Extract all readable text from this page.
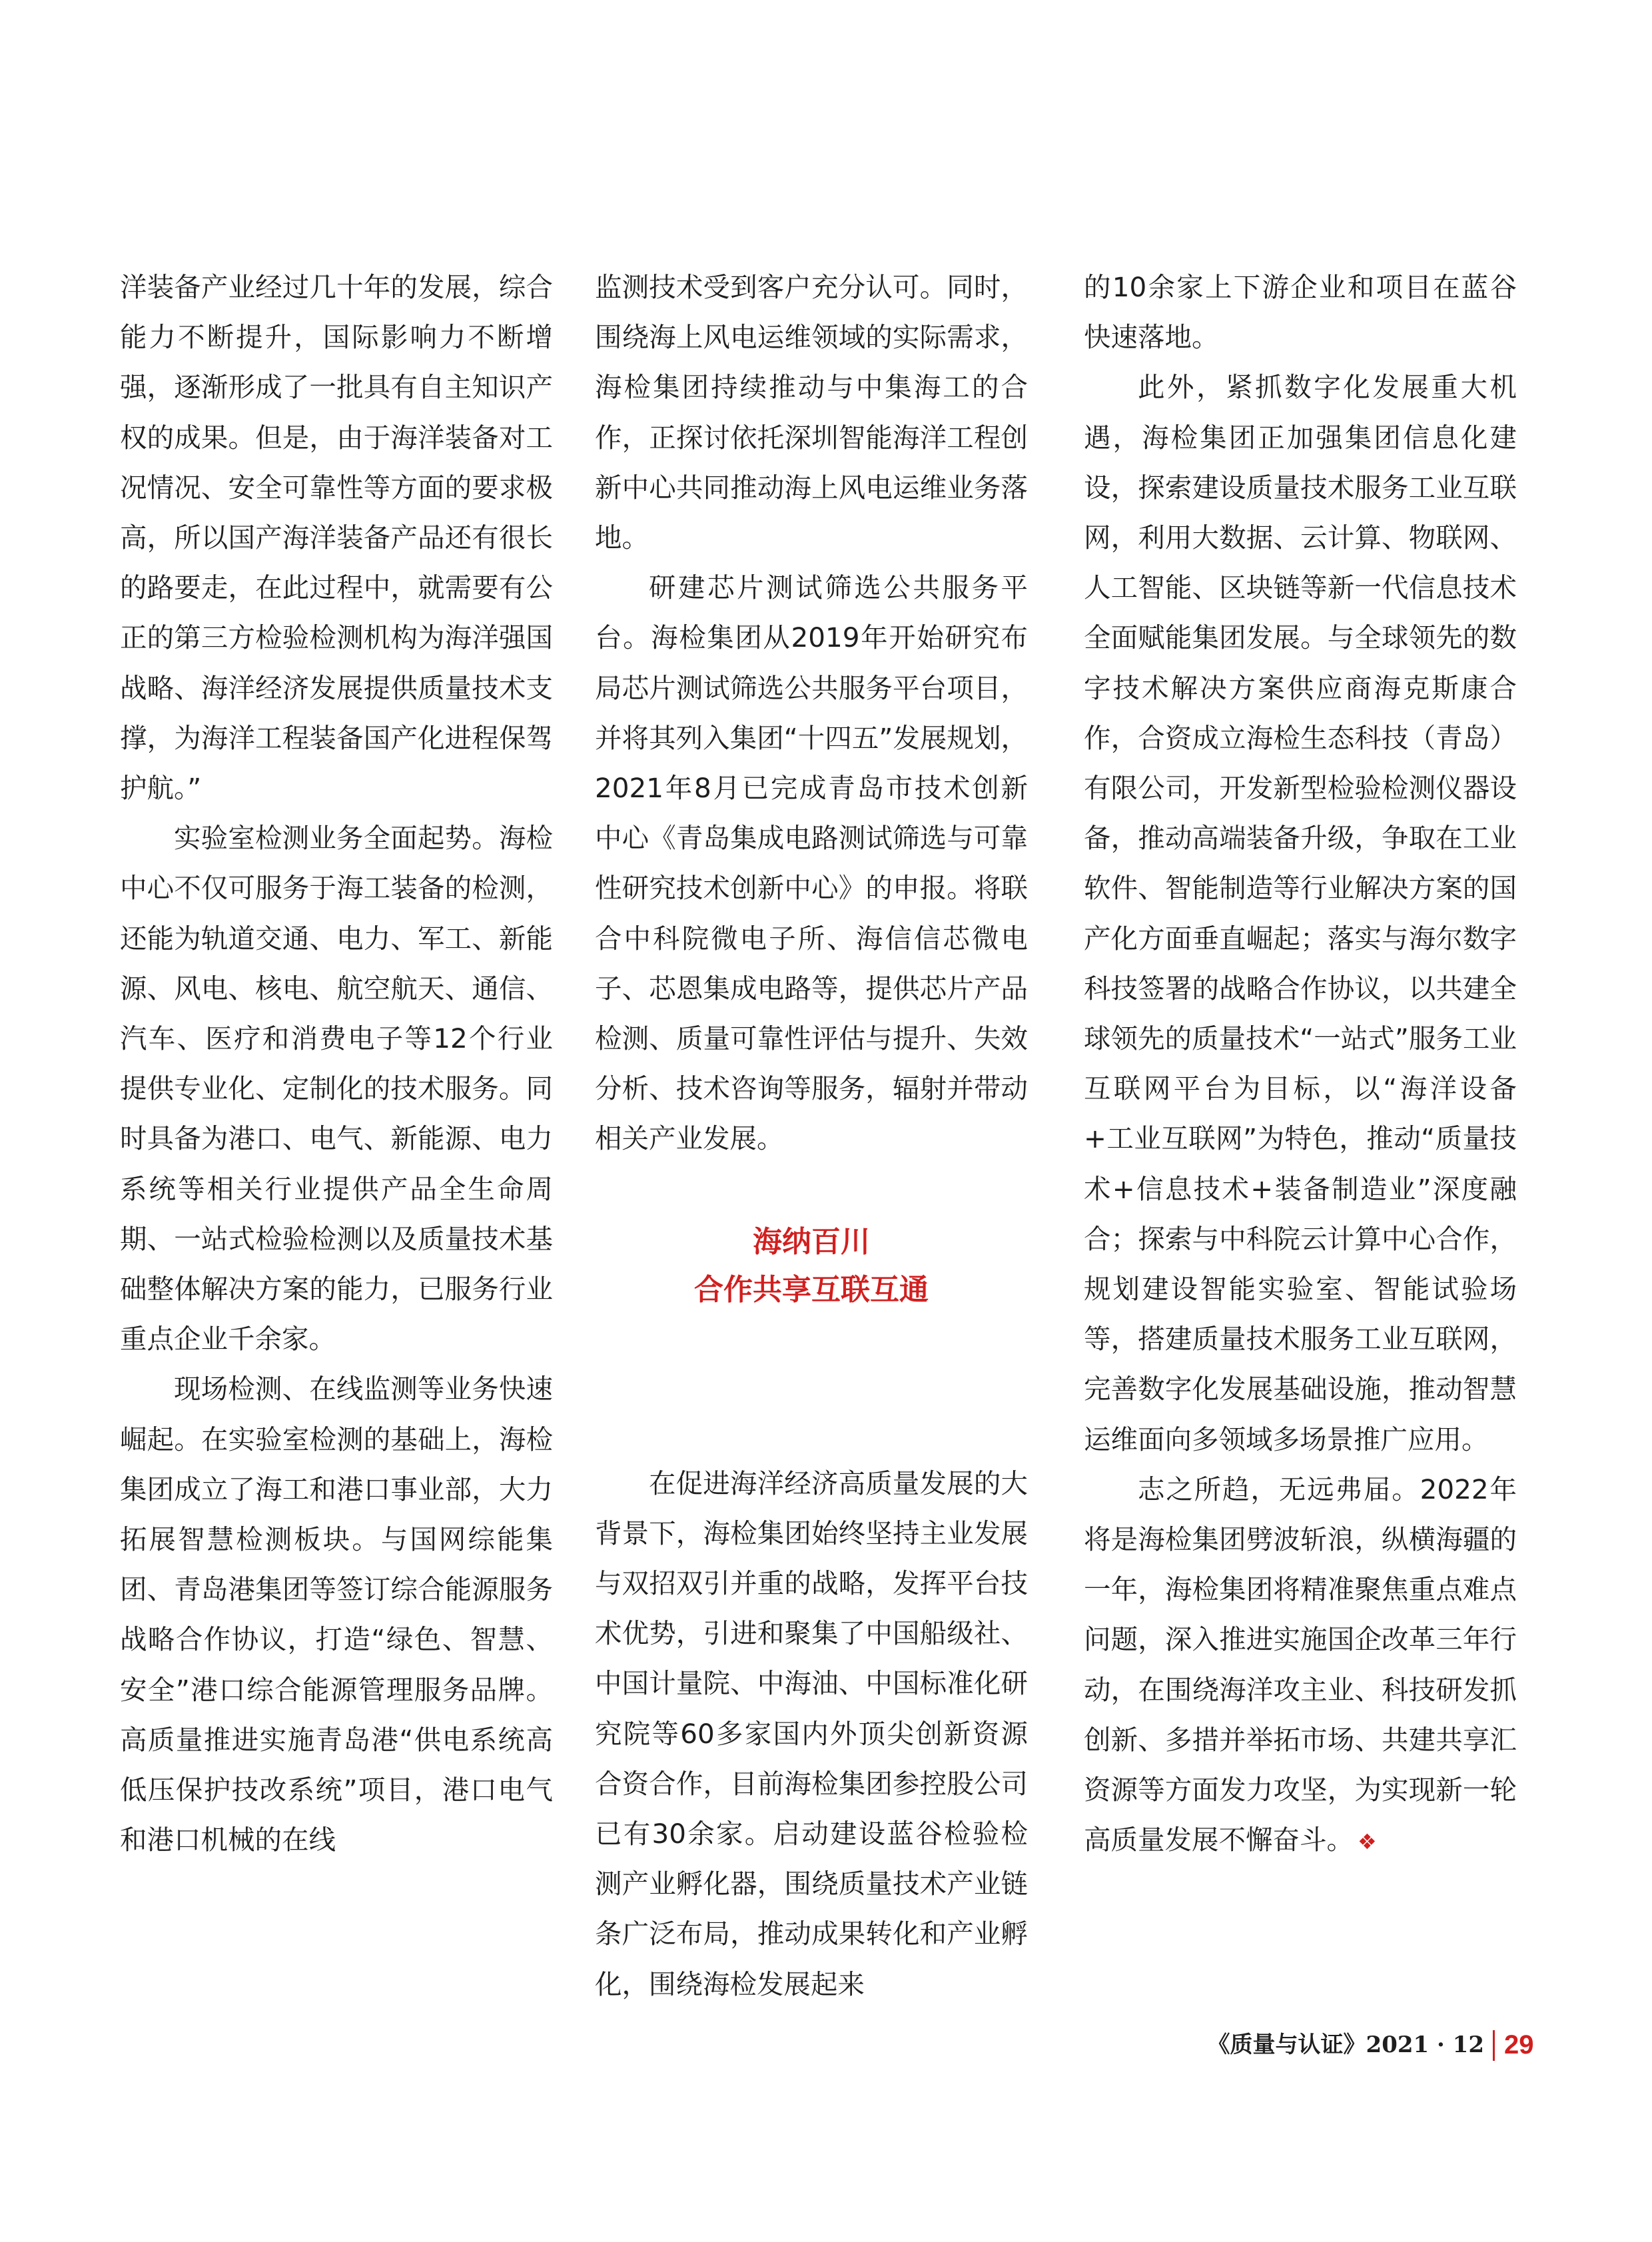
洋装备产业经过几十年的发展，综合能力不断提升，国际影响力不断增强，逐渐形成了一批具有自主知识产权的成果。但是，由于海洋装备对工况情况、安全可靠性等方面的要求极高，所以国产海洋装备产品还有很长的路要走，在此过程中，就需要有公正的第三方检验检测机构为海洋强国战略、海洋经济发展提供质量技术支撑，为海洋工程装备国产化进程保驾护航。”

实验室检测业务全面起势。海检中心不仅可服务于海工装备的检测，还能为轨道交通、电力、军工、新能源、风电、核电、航空航天、通信、汽车、医疗和消费电子等12个行业提供专业化、定制化的技术服务。同时具备为港口、电气、新能源、电力系统等相关行业提供产品全生命周期、一站式检验检测以及质量技术基础整体解决方案的能力，已服务行业重点企业千余家。

现场检测、在线监测等业务快速崛起。在实验室检测的基础上，海检集团成立了海工和港口事业部，大力拓展智慧检测板块。与国网综能集团、青岛港集团等签订综合能源服务战略合作协议，打造“绿色、智慧、安全”港口综合能源管理服务品牌。高质量推进实施青岛港“供电系统高低压保护技改系统”项目，港口电气和港口机械的在线

监测技术受到客户充分认可。同时，围绕海上风电运维领域的实际需求，海检集团持续推动与中集海工的合作，正探讨依托深圳智能海洋工程创新中心共同推动海上风电运维业务落地。

研建芯片测试筛选公共服务平台。海检集团从2019年开始研究布局芯片测试筛选公共服务平台项目，并将其列入集团“十四五”发展规划，2021年8月已完成青岛市技术创新中心《青岛集成电路测试筛选与可靠性研究技术创新中心》的申报。将联合中科院微电子所、海信信芯微电子、芯恩集成电路等，提供芯片产品检测、质量可靠性评估与提升、失效分析、技术咨询等服务，辐射并带动相关产业发展。

海纳百川
合作共享互联互通

在促进海洋经济高质量发展的大背景下，海检集团始终坚持主业发展与双招双引并重的战略，发挥平台技术优势，引进和聚集了中国船级社、中国计量院、中海油、中国标准化研究院等60多家国内外顶尖创新资源合资合作，目前海检集团参控股公司已有30余家。启动建设蓝谷检验检测产业孵化器，围绕质量技术产业链条广泛布局，推动成果转化和产业孵化，围绕海检发展起来

的10余家上下游企业和项目在蓝谷快速落地。

此外，紧抓数字化发展重大机遇，海检集团正加强集团信息化建设，探索建设质量技术服务工业互联网，利用大数据、云计算、物联网、人工智能、区块链等新一代信息技术全面赋能集团发展。与全球领先的数字技术解决方案供应商海克斯康合作，合资成立海检生态科技（青岛）有限公司，开发新型检验检测仪器设备，推动高端装备升级，争取在工业软件、智能制造等行业解决方案的国产化方面垂直崛起；落实与海尔数字科技签署的战略合作协议，以共建全球领先的质量技术“一站式”服务工业互联网平台为目标，以“海洋设备+工业互联网”为特色，推动“质量技术+信息技术+装备制造业”深度融合；探索与中科院云计算中心合作，规划建设智能实验室、智能试验场等，搭建质量技术服务工业互联网，完善数字化发展基础设施，推动智慧运维面向多领域多场景推广应用。

志之所趋，无远弗届。2022年将是海检集团劈波斩浪，纵横海疆的一年，海检集团将精准聚焦重点难点问题，深入推进实施国企改革三年行动，在围绕海洋攻主业、科技研发抓创新、多措并举拓市场、共建共享汇资源等方面发力攻坚，为实现新一轮高质量发展不懈奋斗。 ❖

《质量与认证》2021 · 12 29
